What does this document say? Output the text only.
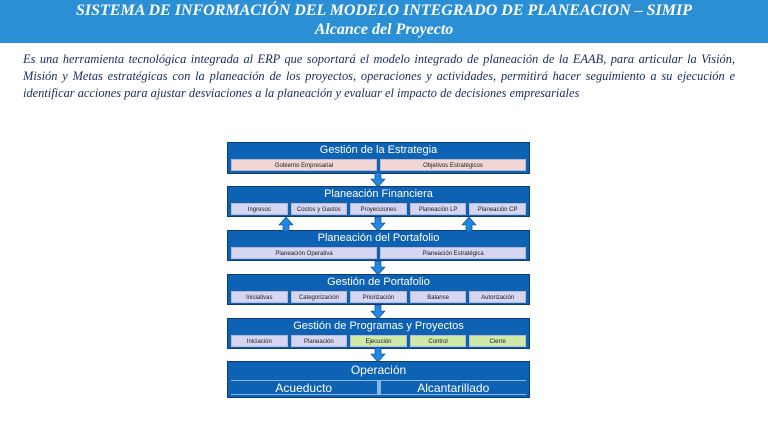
SISTEMA DE INFORMACIÓN DEL MODELO INTEGRADO DE PLANEACION – SIMIP
Alcance del Proyecto
Es una herramienta tecnológica integrada al ERP que soportará el modelo integrado de planeación de la EAAB, para articular la Visión, Misión y Metas estratégicas con la planeación de los proyectos, operaciones y actividades, permitirá hacer seguimiento a su ejecución e identificar acciones para ajustar desviaciones a la planeación y evaluar el impacto de decisiones empresariales
Gestión de la Estrategia
Gobierno Empresarial	Objetivos Estratégicos
Planeación Financiera
Ingresos	Costos y Gastos	Proyecciones	Planeación LP	Planeación CP
Planeación del Portafolio
Planeación Operativa	Planeación Estratégica
Gestión de Portafolio
Iniciativas	Categorización	Priorización	Balance	Autorización
Gestión de Programas y Proyectos
Iniciación	Planeación	Ejecución	Control	Cierre
Operación
Acueducto	Alcantarillado
